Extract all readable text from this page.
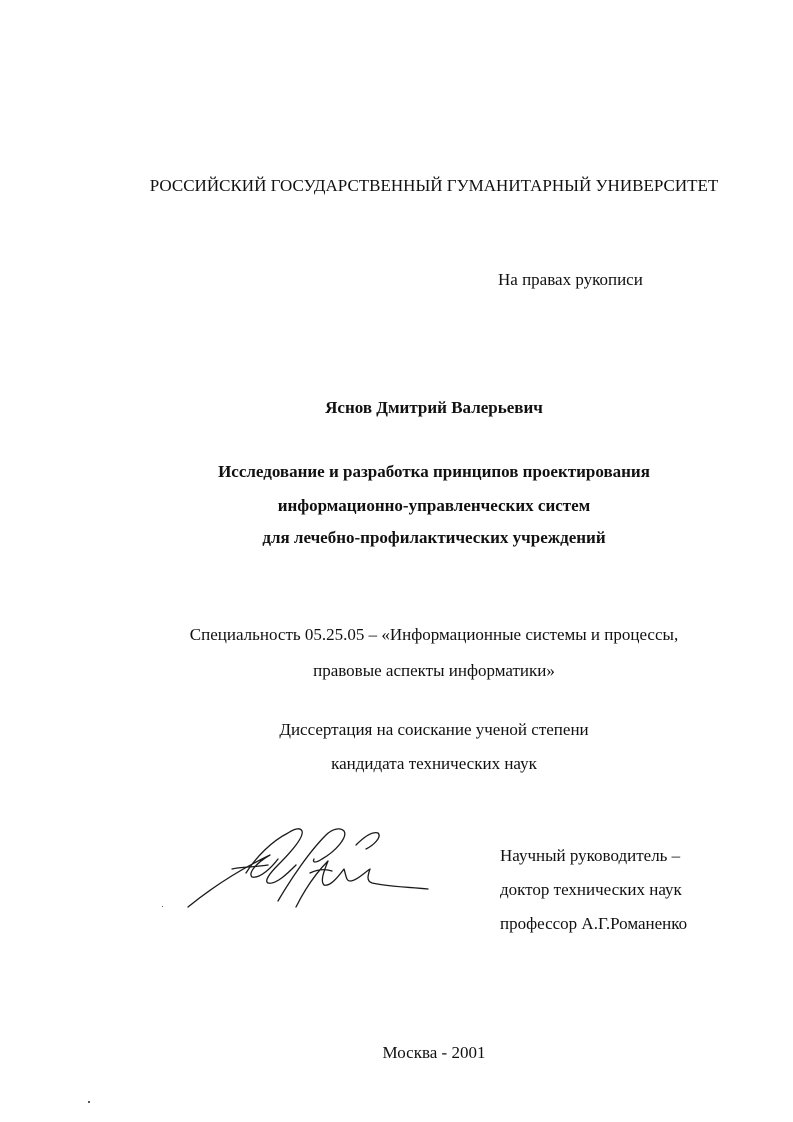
РОССИЙСКИЙ ГОСУДАРСТВЕННЫЙ ГУМАНИТАРНЫЙ УНИВЕРСИТЕТ
На правах рукописи
Яснов Дмитрий Валерьевич
Исследование и разработка принципов проектирования
информационно-управленческих систем
для лечебно-профилактических учреждений
Специальность 05.25.05 – «Информационные системы и процессы,
правовые аспекты информатики»
Диссертация на соискание ученой степени
кандидата технических наук
Научный руководитель –
доктор технических наук
профессор А.Г.Романенко
Москва - 2001
